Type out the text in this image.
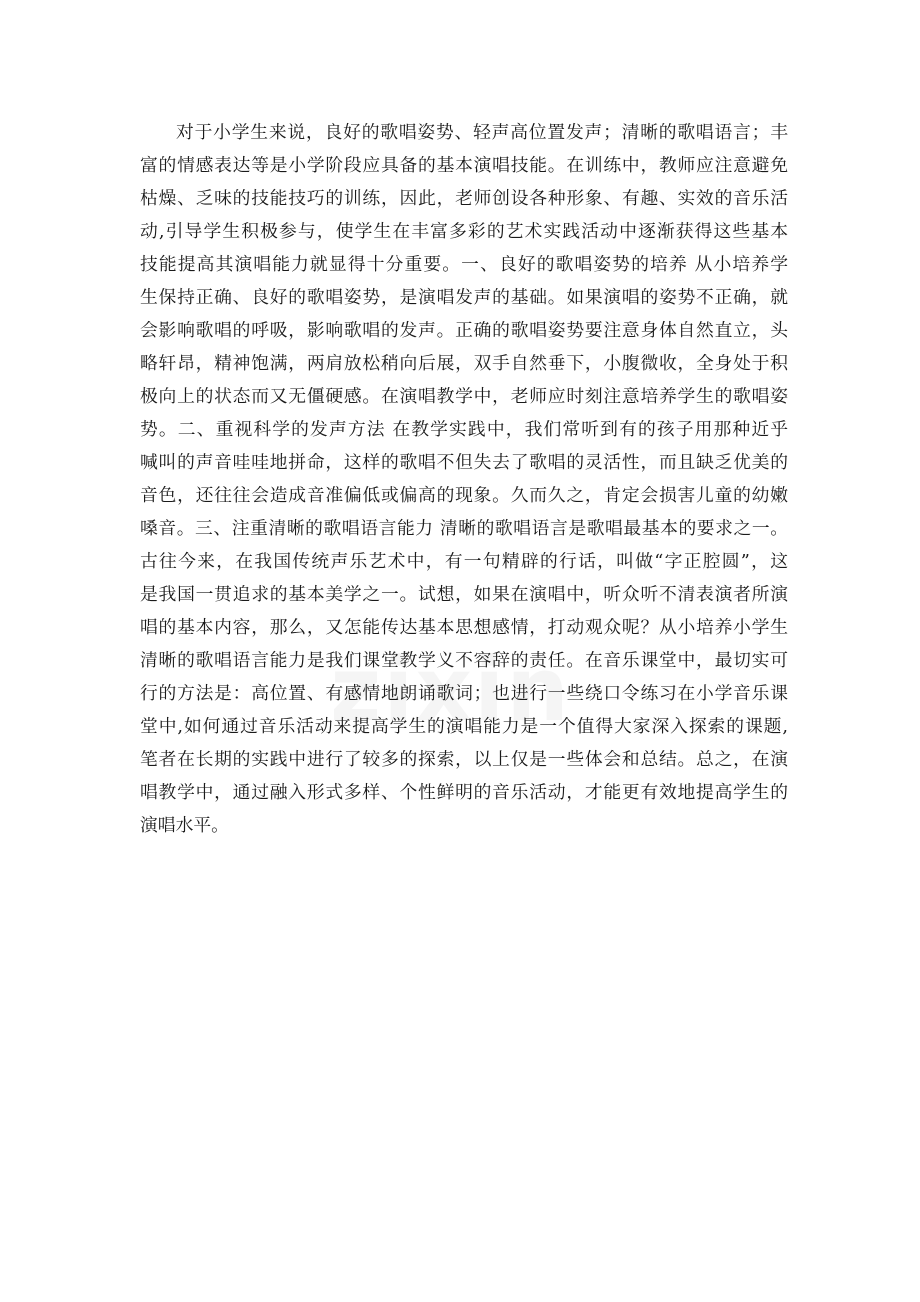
对于小学生来说，良好的歌唱姿势、轻声高位置发声；清晰的歌唱语言；丰
富的情感表达等是小学阶段应具备的基本演唱技能。在训练中，教师应注意避免
枯燥、乏味的技能技巧的训练，因此，老师创设各种形象、有趣、实效的音乐活
动,引导学生积极参与，使学生在丰富多彩的艺术实践活动中逐渐获得这些基本
技能提高其演唱能力就显得十分重要。一、良好的歌唱姿势的培养 从小培养学
生保持正确、良好的歌唱姿势，是演唱发声的基础。如果演唱的姿势不正确，就
会影响歌唱的呼吸，影响歌唱的发声。正确的歌唱姿势要注意身体自然直立，头
略轩昂，精神饱满，两肩放松稍向后展，双手自然垂下，小腹微收，全身处于积
极向上的状态而又无僵硬感。在演唱教学中，老师应时刻注意培养学生的歌唱姿
势。二、重视科学的发声方法 在教学实践中，我们常听到有的孩子用那种近乎
喊叫的声音哇哇地拼命，这样的歌唱不但失去了歌唱的灵活性，而且缺乏优美的
音色，还往往会造成音准偏低或偏高的现象。久而久之，肯定会损害儿童的幼嫩
嗓音。三、注重清晰的歌唱语言能力 清晰的歌唱语言是歌唱最基本的要求之一。
古往今来，在我国传统声乐艺术中，有一句精辟的行话，叫做“字正腔圆”，这
是我国一贯追求的基本美学之一。试想，如果在演唱中，听众听不清表演者所演
唱的基本内容，那么，又怎能传达基本思想感情，打动观众呢？从小培养小学生
清晰的歌唱语言能力是我们课堂教学义不容辞的责任。在音乐课堂中，最切实可
行的方法是：高位置、有感情地朗诵歌词；也进行一些绕口令练习在小学音乐课
堂中,如何通过音乐活动来提高学生的演唱能力是一个值得大家深入探索的课题,
笔者在长期的实践中进行了较多的探索，以上仅是一些体会和总结。总之，在演
唱教学中，通过融入形式多样、个性鲜明的音乐活动，才能更有效地提高学生的
演唱水平。
